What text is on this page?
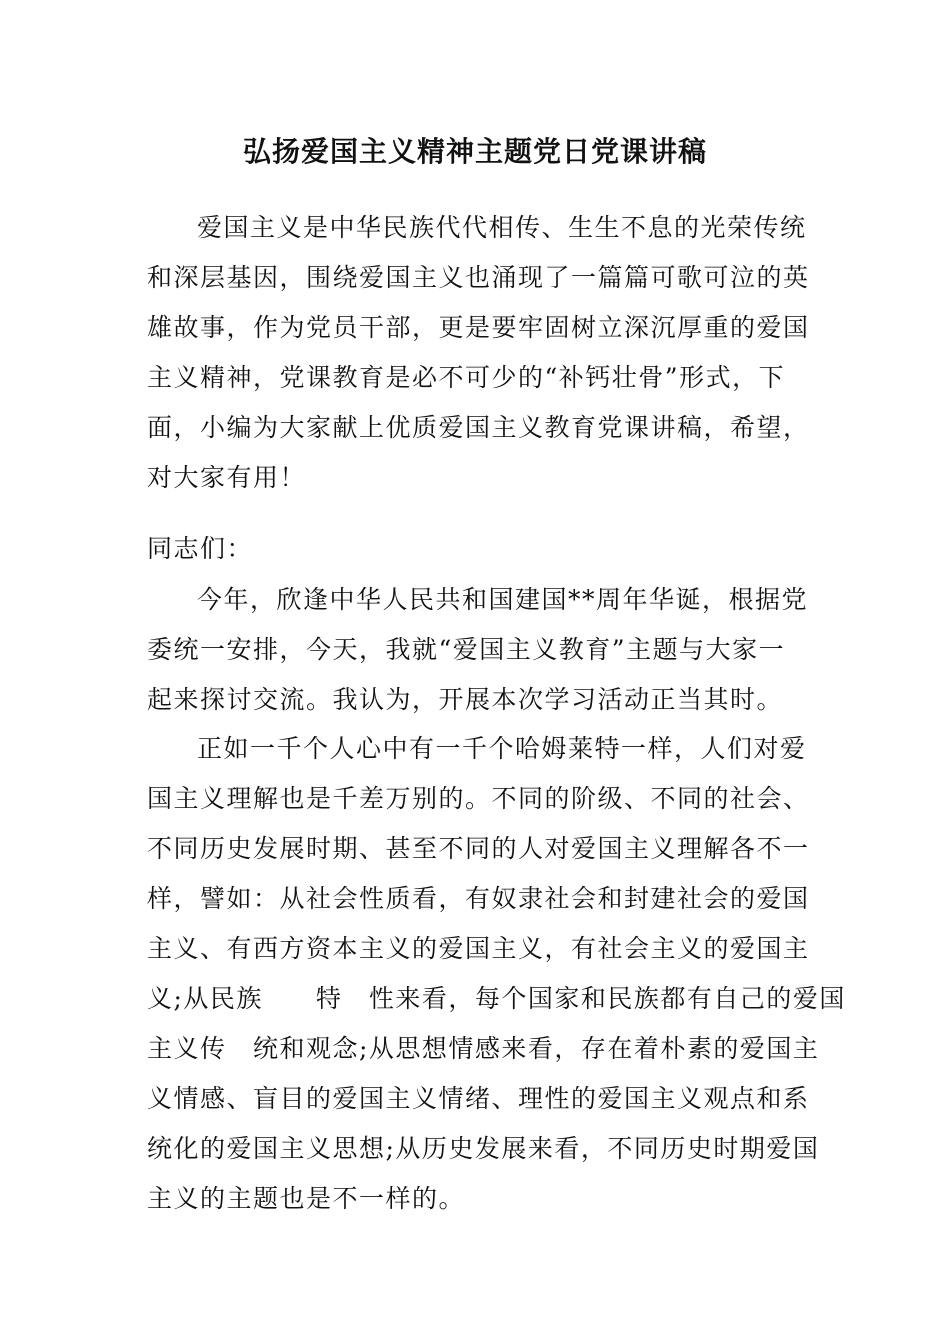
弘扬爱国主义精神主题党日党课讲稿
爱国主义是中华民族代代相传、生生不息的光荣传统
和深层基因，围绕爱国主义也涌现了一篇篇可歌可泣的英
雄故事，作为党员干部，更是要牢固树立深沉厚重的爱国
主义精神，党课教育是必不可少的“补钙壮骨”形式，下
面，小编为大家献上优质爱国主义教育党课讲稿，希望，
对大家有用！
同志们：
今年，欣逢中华人民共和国建国**周年华诞，根据党
委统一安排，今天，我就“爱国主义教育”主题与大家一
起来探讨交流。我认为，开展本次学习活动正当其时。
正如一千个人心中有一千个哈姆莱特一样，人们对爱
国主义理解也是千差万别的。不同的阶级、不同的社会、
不同历史发展时期、甚至不同的人对爱国主义理解各不一
样，譬如：从社会性质看，有奴隶社会和封建社会的爱国
主义、有西方资本主义的爱国主义，有社会主义的爱国主
义;从民族　　特　性来看，每个国家和民族都有自己的爱国
主义传　统和观念;从思想情感来看，存在着朴素的爱国主
义情感、盲目的爱国主义情绪、理性的爱国主义观点和系
统化的爱国主义思想;从历史发展来看，不同历史时期爱国
主义的主题也是不一样的。
